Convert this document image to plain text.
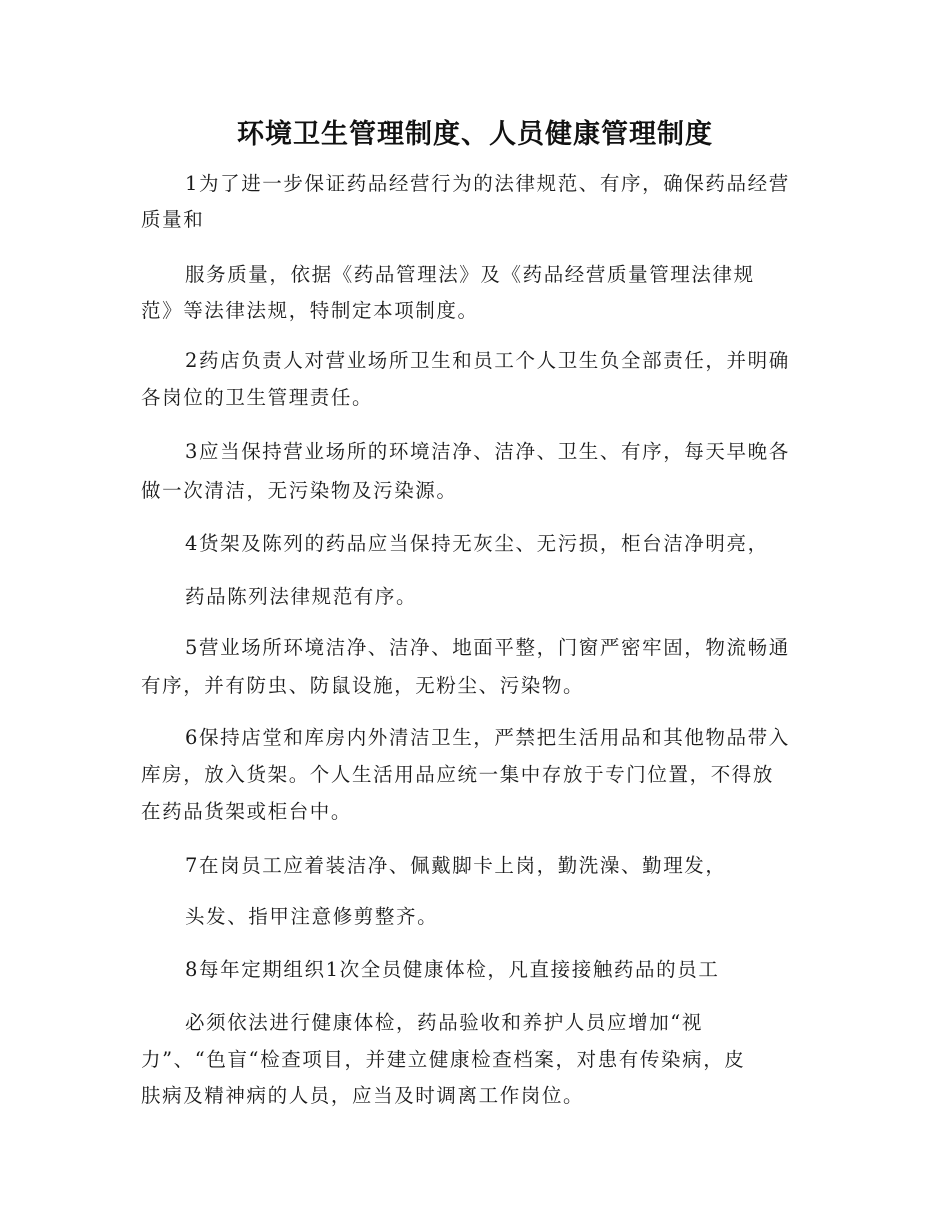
环境卫生管理制度、人员健康管理制度
1为了进一步保证药品经营行为的法律规范、有序，确保药品经营
质量和
服务质量，依据《药品管理法》及《药品经营质量管理法律规
范》等法律法规，特制定本项制度。
2药店负责人对营业场所卫生和员工个人卫生负全部责任，并明确
各岗位的卫生管理责任。
3应当保持营业场所的环境洁净、洁净、卫生、有序，每天早晚各
做一次清洁，无污染物及污染源。
4货架及陈列的药品应当保持无灰尘、无污损，柜台洁净明亮，
药品陈列法律规范有序。
5营业场所环境洁净、洁净、地面平整，门窗严密牢固，物流畅通
有序，并有防虫、防鼠设施，无粉尘、污染物。
6保持店堂和库房内外清洁卫生，严禁把生活用品和其他物品带入
库房，放入货架。个人生活用品应统一集中存放于专门位置，不得放
在药品货架或柜台中。
7在岗员工应着装洁净、佩戴脚卡上岗，勤洗澡、勤理发，
头发、指甲注意修剪整齐。
8每年定期组织1次全员健康体检，凡直接接触药品的员工
必须依法进行健康体检，药品验收和养护人员应增加“视
力”、“色盲“检查项目，并建立健康检查档案，对患有传染病，皮
肤病及精神病的人员，应当及时调离工作岗位。
